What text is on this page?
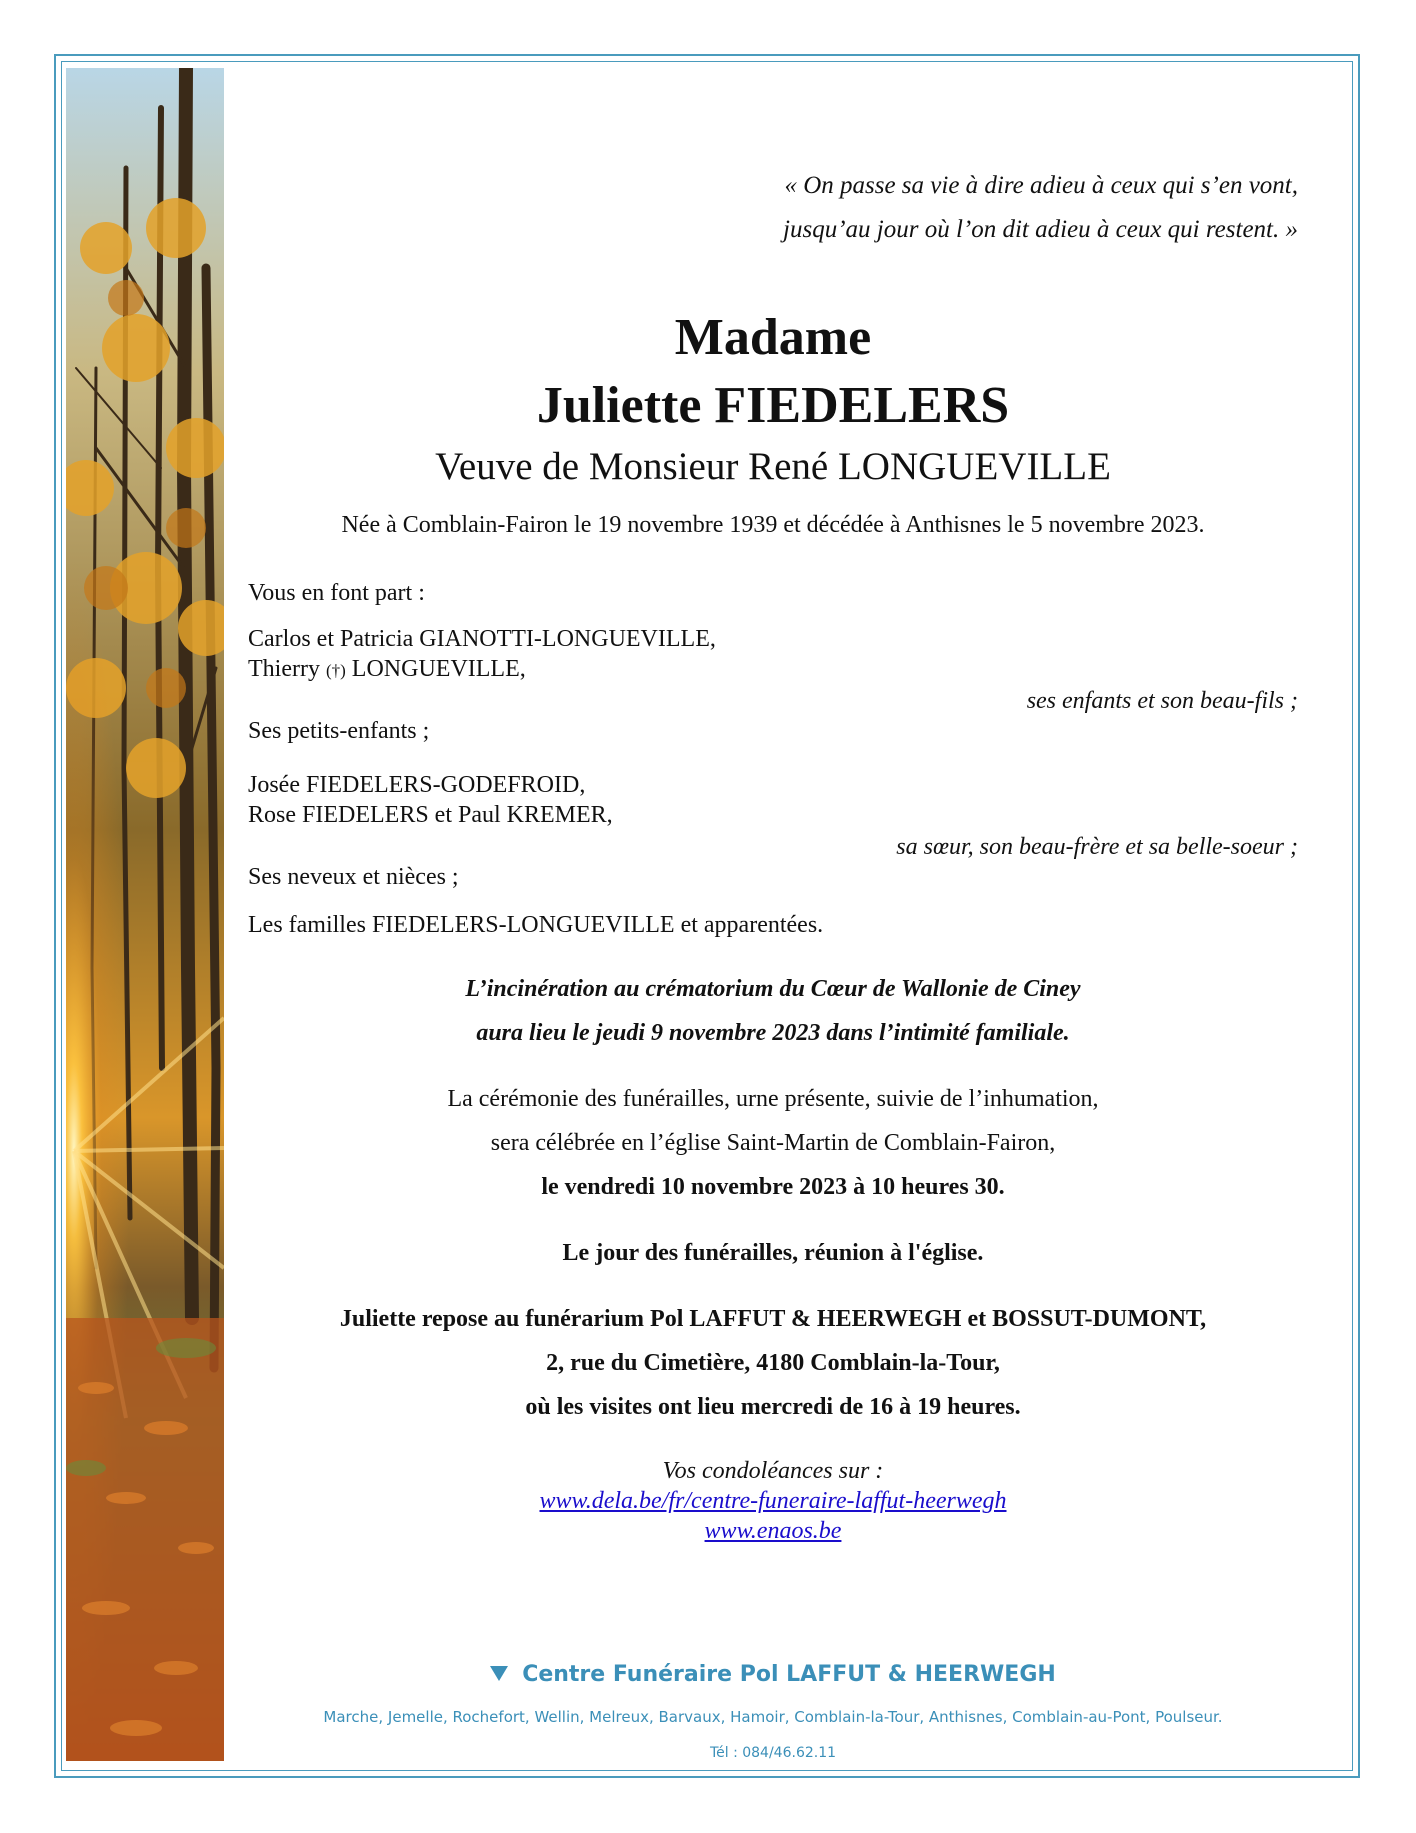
« On passe sa vie à dire adieu à ceux qui s’en vont,
jusqu’au jour où l’on dit adieu à ceux qui restent. »
Madame
Juliette FIEDELERS
Veuve de Monsieur René LONGUEVILLE
Née à Comblain-Fairon le 19 novembre 1939 et décédée à Anthisnes le 5 novembre 2023.
Vous en font part :
Carlos et Patricia GIANOTTI-LONGUEVILLE,
Thierry (†) LONGUEVILLE,
ses enfants et son beau-fils ;
Ses petits-enfants ;
Josée FIEDELERS-GODEFROID,
Rose FIEDELERS et Paul KREMER,
sa sœur, son beau-frère et sa belle-soeur ;
Ses neveux et nièces ;
Les familles FIEDELERS-LONGUEVILLE et apparentées.
L’incinération au crématorium du Cœur de Wallonie de Ciney
aura lieu le jeudi 9 novembre 2023 dans l’intimité familiale.
La cérémonie des funérailles, urne présente, suivie de l’inhumation,
sera célébrée en l’église Saint-Martin de Comblain-Fairon,
le vendredi 10 novembre 2023 à 10 heures 30.
Le jour des funérailles, réunion à l'église.
Juliette repose au funérarium Pol LAFFUT & HEERWEGH et BOSSUT-DUMONT,
2, rue du Cimetière, 4180 Comblain-la-Tour,
où les visites ont lieu mercredi de 16 à 19 heures.
Vos condoléances sur :
www.dela.be/fr/centre-funeraire-laffut-heerwegh
www.enaos.be
Centre Funéraire Pol LAFFUT & HEERWEGH
Marche, Jemelle, Rochefort, Wellin, Melreux, Barvaux, Hamoir, Comblain-la-Tour, Anthisnes, Comblain-au-Pont, Poulseur.
Tél : 084/46.62.11
